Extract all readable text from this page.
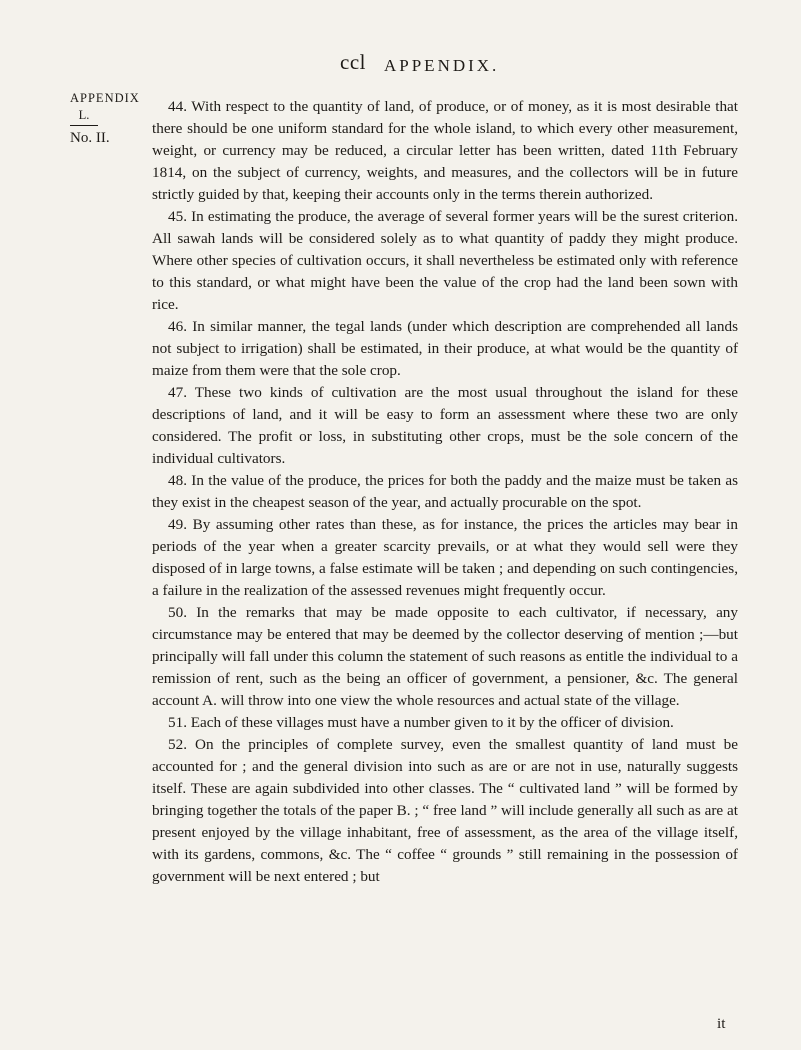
ccl APPENDIX.
APPENDIX
L.
No. II.

44. With respect to the quantity of land, of produce, or of money, as it is most desirable that there should be one uniform standard for the whole island, to which every other measurement, weight, or currency may be reduced, a circular letter has been written, dated 11th February 1814, on the subject of currency, weights, and measures, and the collectors will be in future strictly guided by that, keeping their accounts only in the terms therein authorized.

45. In estimating the produce, the average of several former years will be the surest criterion. All sawah lands will be considered solely as to what quantity of paddy they might produce. Where other species of cultivation occurs, it shall nevertheless be estimated only with reference to this standard, or what might have been the value of the crop had the land been sown with rice.

46. In similar manner, the tegal lands (under which description are comprehended all lands not subject to irrigation) shall be estimated, in their produce, at what would be the quantity of maize from them were that the sole crop.

47. These two kinds of cultivation are the most usual throughout the island for these descriptions of land, and it will be easy to form an assessment where these two are only considered. The profit or loss, in substituting other crops, must be the sole concern of the individual cultivators.

48. In the value of the produce, the prices for both the paddy and the maize must be taken as they exist in the cheapest season of the year, and actually procurable on the spot.

49. By assuming other rates than these, as for instance, the prices the articles may bear in periods of the year when a greater scarcity prevails, or at what they would sell were they disposed of in large towns, a false estimate will be taken ; and depending on such contingencies, a failure in the realization of the assessed revenues might frequently occur.

50. In the remarks that may be made opposite to each cultivator, if necessary, any circumstance may be entered that may be deemed by the collector deserving of mention ;—but principally will fall under this column the statement of such reasons as entitle the individual to a remission of rent, such as the being an officer of government, a pensioner, &c. The general account A. will throw into one view the whole resources and actual state of the village.

51. Each of these villages must have a number given to it by the officer of division.

52. On the principles of complete survey, even the smallest quantity of land must be accounted for ; and the general division into such as are or are not in use, naturally suggests itself. These are again subdivided into other classes. The “ cultivated land ” will be formed by bringing together the totals of the paper B. ; “ free land ” will include generally all such as are at present enjoyed by the village inhabitant, free of assessment, as the area of the village itself, with its gardens, commons, &c. The “ coffee “ grounds ” still remaining in the possession of government will be next entered ; but

it
